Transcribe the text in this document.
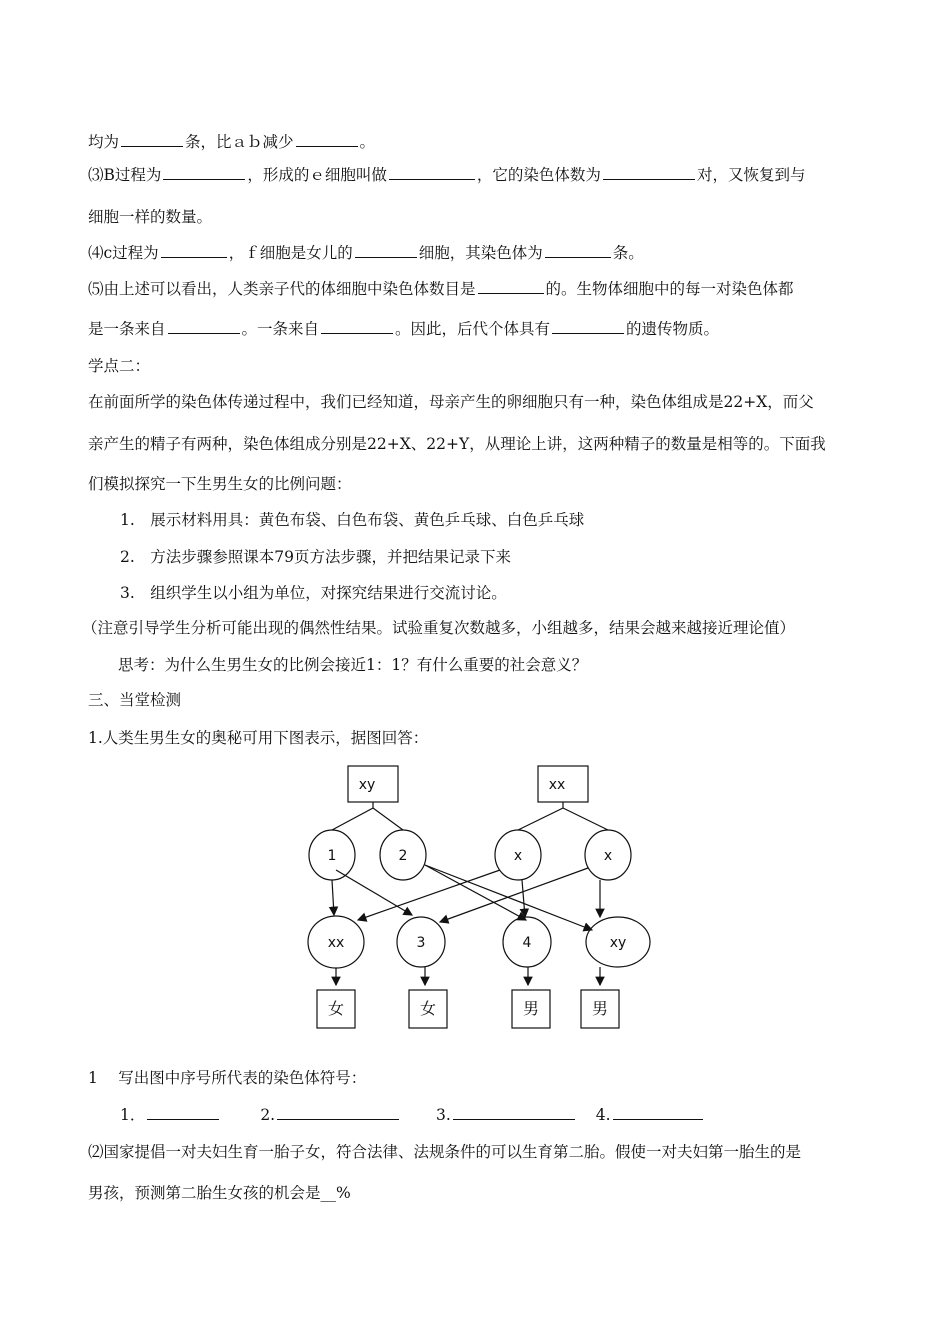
均为	条，比ａｂ减少	。
⑶B过程为	，形成的ｅ细胞叫做	，它的染色体数为	对，又恢复到与
细胞一样的数量。
⑷c过程为	，ｆ细胞是女儿的	细胞，其染色体为	条。
⑸由上述可以看出，人类亲子代的体细胞中染色体数目是	的。生物体细胞中的每一对染色体都
是一条来自	。一条来自	。因此，后代个体具有	的遗传物质。
学点二：
在前面所学的染色体传递过程中，我们已经知道，母亲产生的卵细胞只有一种，染色体组成是22+X，而父
亲产生的精子有两种，染色体组成分别是22+X、22+Y，从理论上讲，这两种精子的数量是相等的。下面我
们模拟探究一下生男生女的比例问题：
1.　展示材料用具：黄色布袋、白色布袋、黄色乒乓球、白色乒乓球
2.　方法步骤参照课本79页方法步骤，并把结果记录下来
3.　组织学生以小组为单位，对探究结果进行交流讨论。
（注意引导学生分析可能出现的偶然性结果。试验重复次数越多，小组越多，结果会越来越接近理论值）
思考：为什么生男生女的比例会接近1：1？有什么重要的社会意义？
三、当堂检测
1.人类生男生女的奥秘可用下图表示，据图回答：
xy	xx
1	2	x	x
xx	3	4	xy
女	女	男	男
1　 写出图中序号所代表的染色体符号：
1．	2.	3.	4.
⑵国家提倡一对夫妇生育一胎子女，符合法律、法规条件的可以生育第二胎。假使一对夫妇第一胎生的是
男孩，预测第二胎生女孩的机会是__%
